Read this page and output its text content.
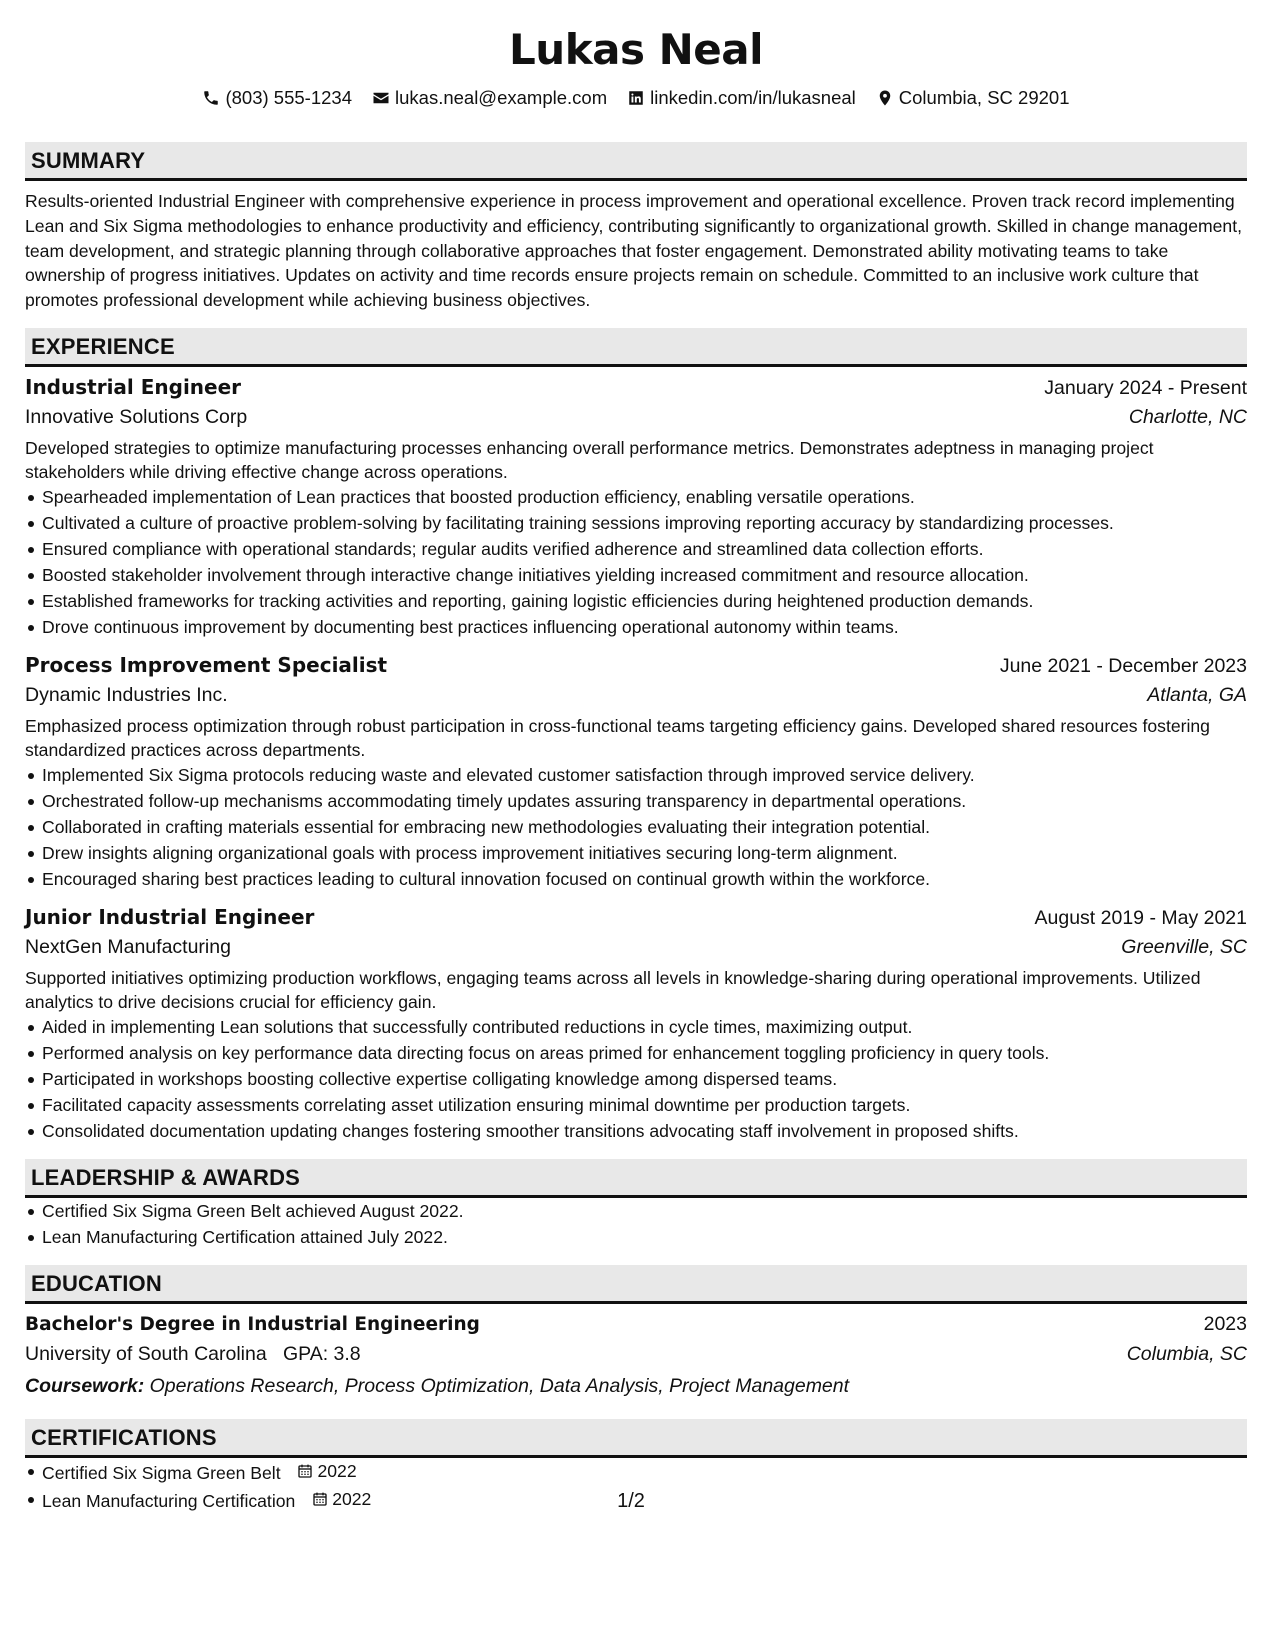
Lukas Neal
(803) 555-1234 lukas.neal@example.com linkedin.com/in/lukasneal Columbia, SC 29201
SUMMARY
Results-oriented Industrial Engineer with comprehensive experience in process improvement and operational excellence. Proven track record implementing Lean and Six Sigma methodologies to enhance productivity and efficiency, contributing significantly to organizational growth. Skilled in change management, team development, and strategic planning through collaborative approaches that foster engagement. Demonstrated ability motivating teams to take ownership of progress initiatives. Updates on activity and time records ensure projects remain on schedule. Committed to an inclusive work culture that promotes professional development while achieving business objectives.
EXPERIENCE
Industrial Engineer	January 2024 - Present
Innovative Solutions Corp	Charlotte, NC
Developed strategies to optimize manufacturing processes enhancing overall performance metrics. Demonstrates adeptness in managing project stakeholders while driving effective change across operations.
Spearheaded implementation of Lean practices that boosted production efficiency, enabling versatile operations.
Cultivated a culture of proactive problem-solving by facilitating training sessions improving reporting accuracy by standardizing processes.
Ensured compliance with operational standards; regular audits verified adherence and streamlined data collection efforts.
Boosted stakeholder involvement through interactive change initiatives yielding increased commitment and resource allocation.
Established frameworks for tracking activities and reporting, gaining logistic efficiencies during heightened production demands.
Drove continuous improvement by documenting best practices influencing operational autonomy within teams.
Process Improvement Specialist	June 2021 - December 2023
Dynamic Industries Inc.	Atlanta, GA
Emphasized process optimization through robust participation in cross-functional teams targeting efficiency gains. Developed shared resources fostering standardized practices across departments.
Implemented Six Sigma protocols reducing waste and elevated customer satisfaction through improved service delivery.
Orchestrated follow-up mechanisms accommodating timely updates assuring transparency in departmental operations.
Collaborated in crafting materials essential for embracing new methodologies evaluating their integration potential.
Drew insights aligning organizational goals with process improvement initiatives securing long-term alignment.
Encouraged sharing best practices leading to cultural innovation focused on continual growth within the workforce.
Junior Industrial Engineer	August 2019 - May 2021
NextGen Manufacturing	Greenville, SC
Supported initiatives optimizing production workflows, engaging teams across all levels in knowledge-sharing during operational improvements. Utilized analytics to drive decisions crucial for efficiency gain.
Aided in implementing Lean solutions that successfully contributed reductions in cycle times, maximizing output.
Performed analysis on key performance data directing focus on areas primed for enhancement toggling proficiency in query tools.
Participated in workshops boosting collective expertise colligating knowledge among dispersed teams.
Facilitated capacity assessments correlating asset utilization ensuring minimal downtime per production targets.
Consolidated documentation updating changes fostering smoother transitions advocating staff involvement in proposed shifts.
LEADERSHIP & AWARDS
Certified Six Sigma Green Belt achieved August 2022.
Lean Manufacturing Certification attained July 2022.
EDUCATION
Bachelor's Degree in Industrial Engineering	2023
University of South Carolina GPA: 3.8	Columbia, SC
Coursework: Operations Research, Process Optimization, Data Analysis, Project Management
CERTIFICATIONS
Certified Six Sigma Green Belt 2022
Lean Manufacturing Certification 2022	1/2
